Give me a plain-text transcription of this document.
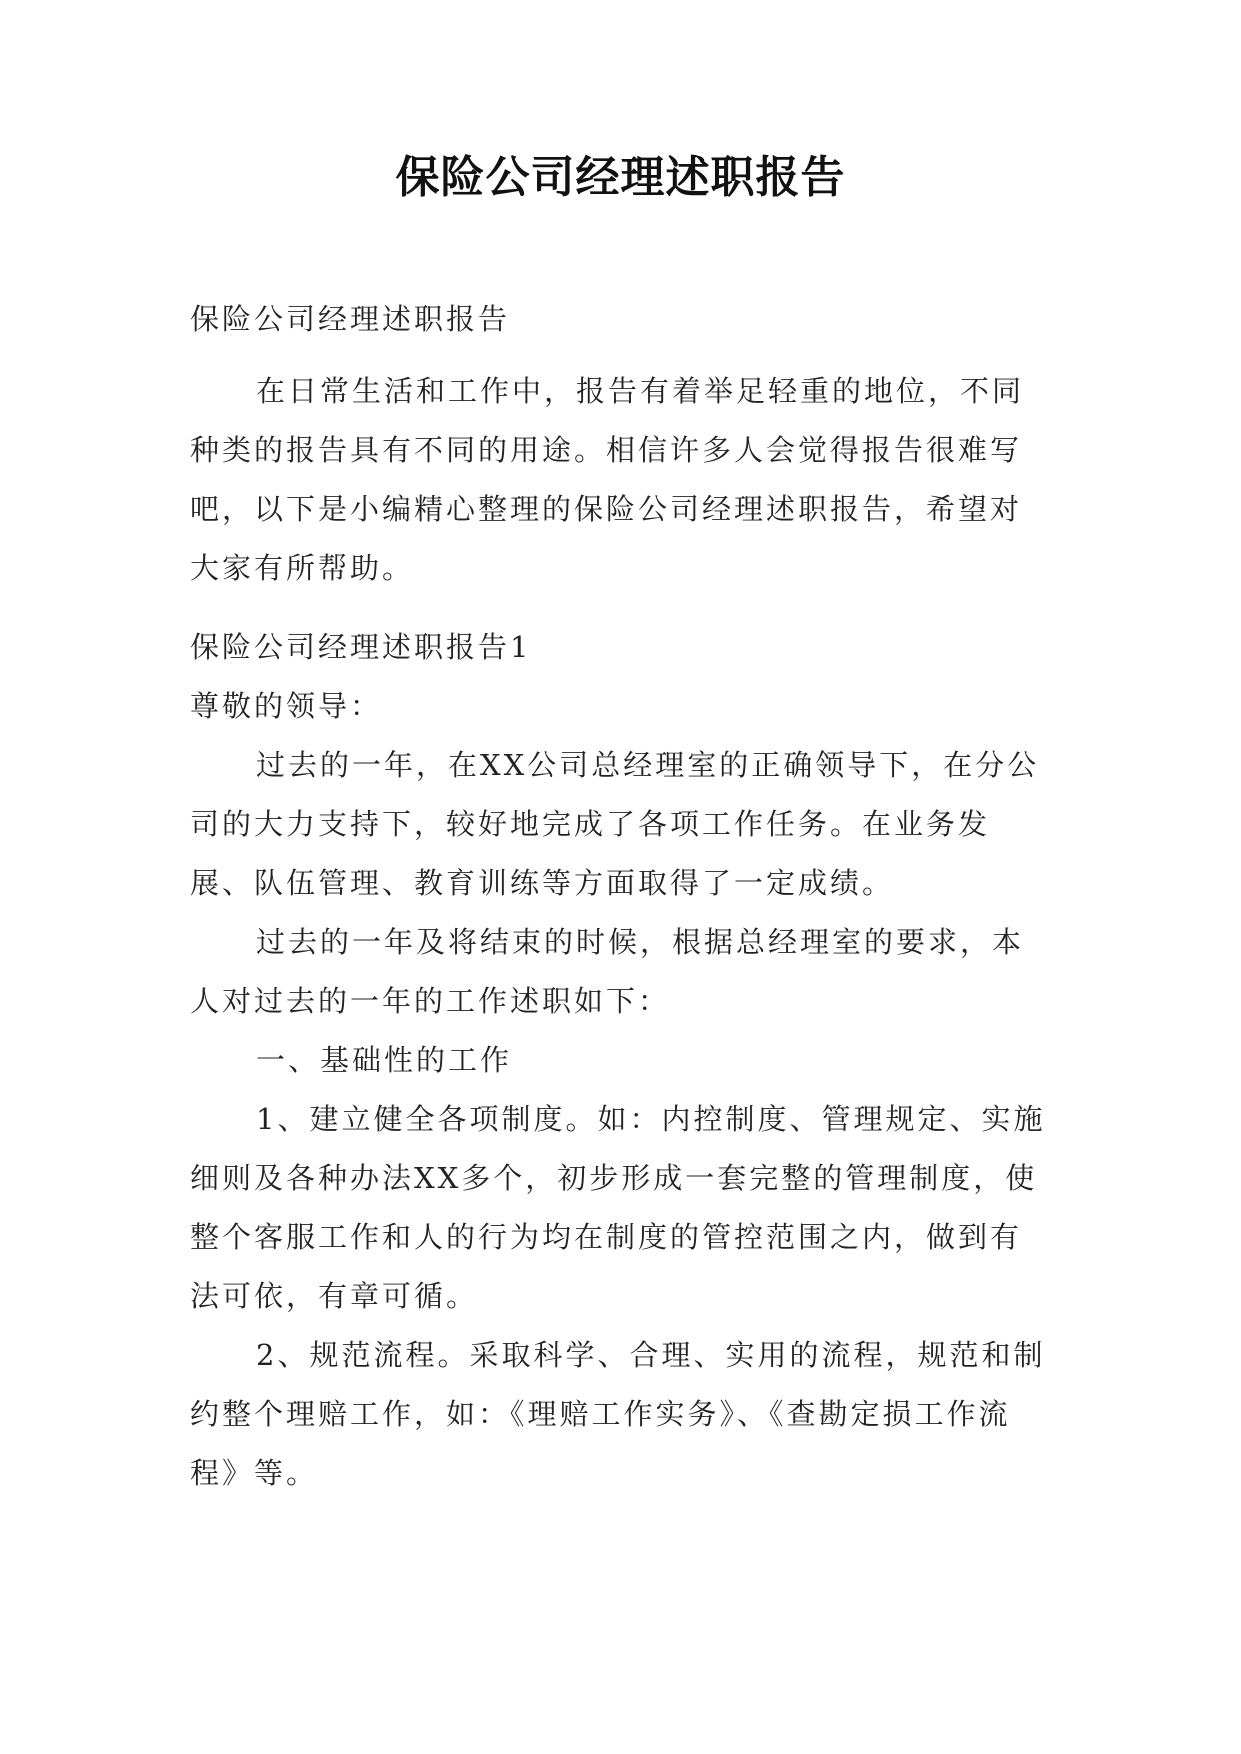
保险公司经理述职报告

保险公司经理述职报告

在日常生活和工作中，报告有着举足轻重的地位，不同种类的报告具有不同的用途。相信许多人会觉得报告很难写吧，以下是小编精心整理的保险公司经理述职报告，希望对大家有所帮助。

保险公司经理述职报告1

尊敬的领导：

过去的一年，在XX公司总经理室的正确领导下，在分公司的大力支持下，较好地完成了各项工作任务。在业务发展、队伍管理、教育训练等方面取得了一定成绩。

过去的一年及将结束的时候，根据总经理室的要求，本人对过去的一年的工作述职如下：

一、基础性的工作

1、建立健全各项制度。如：内控制度、管理规定、实施细则及各种办法XX多个，初步形成一套完整的管理制度，使整个客服工作和人的行为均在制度的管控范围之内，做到有法可依，有章可循。

2、规范流程。采取科学、合理、实用的流程，规范和制约整个理赔工作，如：《理赔工作实务》、《查勘定损工作流程》等。
